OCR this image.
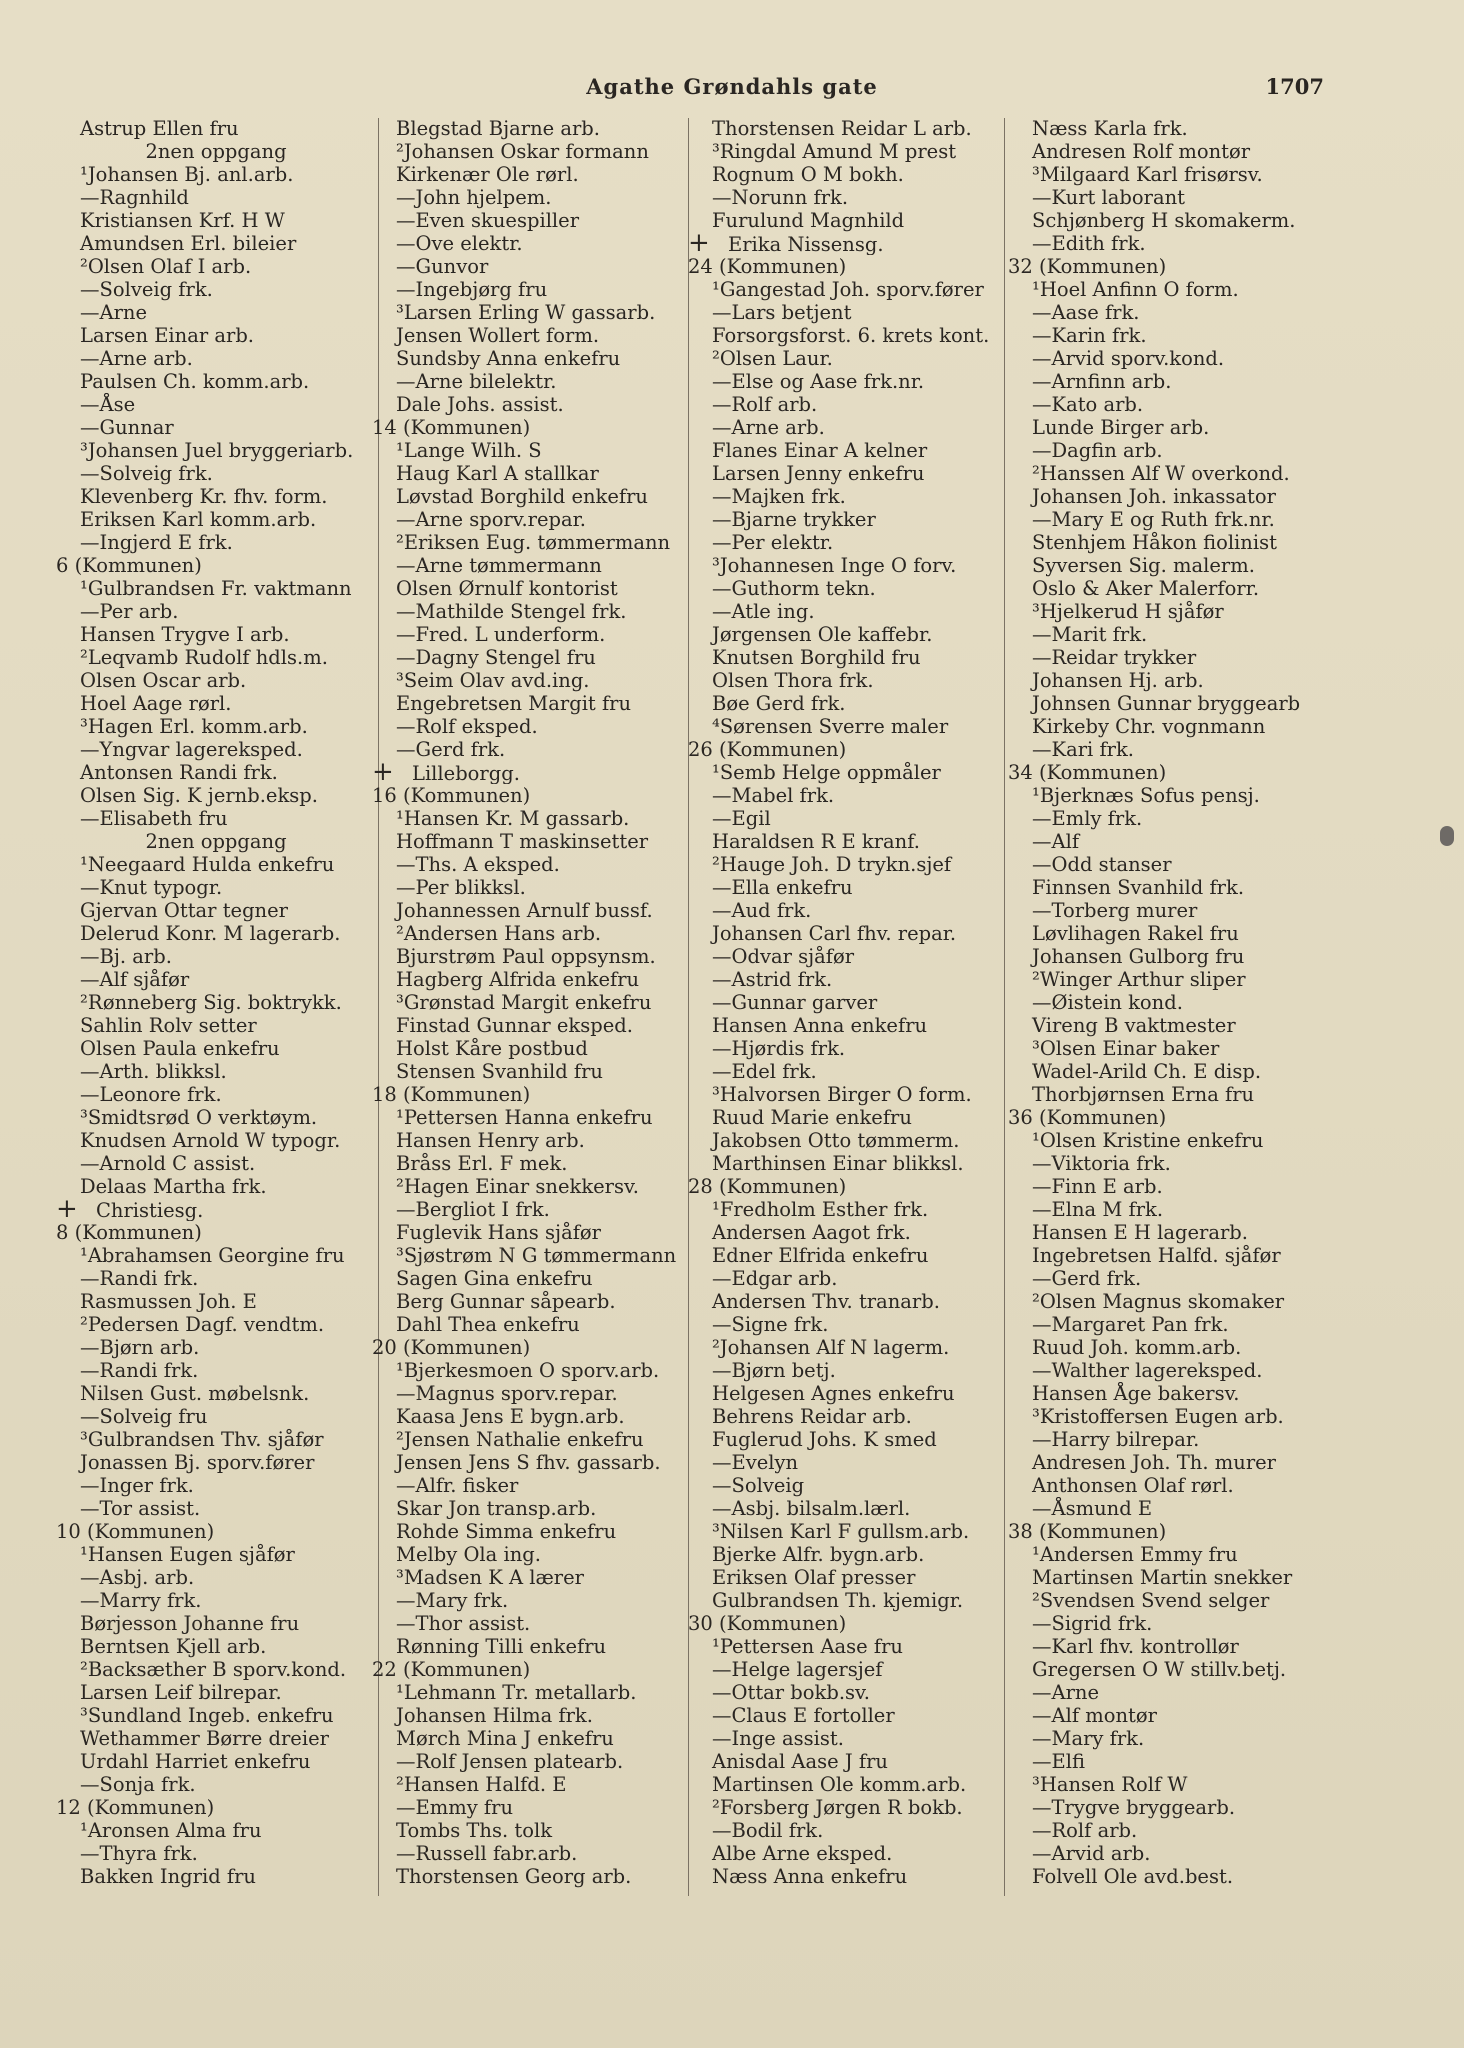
Agathe Grøndahls gate	1707
Astrup Ellen fru
2nen oppgang
¹Johansen Bj. anl.arb.
—Ragnhild
Kristiansen Krf. H W
Amundsen Erl. bileier
²Olsen Olaf I arb.
—Solveig frk.
—Arne
Larsen Einar arb.
—Arne arb.
Paulsen Ch. komm.arb.
—Åse
—Gunnar
³Johansen Juel bryggeriarb.
—Solveig frk.
Klevenberg Kr. fhv. form.
Eriksen Karl komm.arb.
—Ingjerd E frk.
6 (Kommunen)
¹Gulbrandsen Fr. vaktmann
—Per arb.
Hansen Trygve I arb.
²Leqvamb Rudolf hdls.m.
Olsen Oscar arb.
Hoel Aage rørl.
³Hagen Erl. komm.arb.
—Yngvar lagereksped.
Antonsen Randi frk.
Olsen Sig. K jernb.eksp.
—Elisabeth fru
2nen oppgang
¹Neegaard Hulda enkefru
—Knut typogr.
Gjervan Ottar tegner
Delerud Konr. M lagerarb.
—Bj. arb.
—Alf sjåfør
²Rønneberg Sig. boktrykk.
Sahlin Rolv setter
Olsen Paula enkefru
—Arth. blikksl.
—Leonore frk.
³Smidtsrød O verktøym.
Knudsen Arnold W typogr.
—Arnold C assist.
Delaas Martha frk.
+ Christiesg.
8 (Kommunen)
¹Abrahamsen Georgine fru
—Randi frk.
Rasmussen Joh. E
²Pedersen Dagf. vendtm.
—Bjørn arb.
—Randi frk.
Nilsen Gust. møbelsnk.
—Solveig fru
³Gulbrandsen Thv. sjåfør
Jonassen Bj. sporv.fører
—Inger frk.
—Tor assist.
10 (Kommunen)
¹Hansen Eugen sjåfør
—Asbj. arb.
—Marry frk.
Børjesson Johanne fru
Berntsen Kjell arb.
²Backsæther B sporv.kond.
Larsen Leif bilrepar.
³Sundland Ingeb. enkefru
Wethammer Børre dreier
Urdahl Harriet enkefru
—Sonja frk.
12 (Kommunen)
¹Aronsen Alma fru
—Thyra frk.
Bakken Ingrid fru
Blegstad Bjarne arb.
²Johansen Oskar formann
Kirkenær Ole rørl.
—John hjelpem.
—Even skuespiller
—Ove elektr.
—Gunvor
—Ingebjørg fru
³Larsen Erling W gassarb.
Jensen Wollert form.
Sundsby Anna enkefru
—Arne bilelektr.
Dale Johs. assist.
14 (Kommunen)
¹Lange Wilh. S
Haug Karl A stallkar
Løvstad Borghild enkefru
—Arne sporv.repar.
²Eriksen Eug. tømmermann
—Arne tømmermann
Olsen Ørnulf kontorist
—Mathilde Stengel frk.
—Fred. L underform.
—Dagny Stengel fru
³Seim Olav avd.ing.
Engebretsen Margit fru
—Rolf eksped.
—Gerd frk.
+ Lilleborgg.
16 (Kommunen)
¹Hansen Kr. M gassarb.
Hoffmann T maskinsetter
—Ths. A eksped.
—Per blikksl.
Johannessen Arnulf bussf.
²Andersen Hans arb.
Bjurstrøm Paul oppsynsm.
Hagberg Alfrida enkefru
³Grønstad Margit enkefru
Finstad Gunnar eksped.
Holst Kåre postbud
Stensen Svanhild fru
18 (Kommunen)
¹Pettersen Hanna enkefru
Hansen Henry arb.
Bråss Erl. F mek.
²Hagen Einar snekkersv.
—Bergliot I frk.
Fuglevik Hans sjåfør
³Sjøstrøm N G tømmermann
Sagen Gina enkefru
Berg Gunnar såpearb.
Dahl Thea enkefru
20 (Kommunen)
¹Bjerkesmoen O sporv.arb.
—Magnus sporv.repar.
Kaasa Jens E bygn.arb.
²Jensen Nathalie enkefru
Jensen Jens S fhv. gassarb.
—Alfr. fisker
Skar Jon transp.arb.
Rohde Simma enkefru
Melby Ola ing.
³Madsen K A lærer
—Mary frk.
—Thor assist.
Rønning Tilli enkefru
22 (Kommunen)
¹Lehmann Tr. metallarb.
Johansen Hilma frk.
Mørch Mina J enkefru
—Rolf Jensen platearb.
²Hansen Halfd. E
—Emmy fru
Tombs Ths. tolk
—Russell fabr.arb.
Thorstensen Georg arb.
Thorstensen Reidar L arb.
³Ringdal Amund M prest
Rognum O M bokh.
—Norunn frk.
Furulund Magnhild
+ Erika Nissensg.
24 (Kommunen)
¹Gangestad Joh. sporv.fører
—Lars betjent
Forsorgsforst. 6. krets kont.
²Olsen Laur.
—Else og Aase frk.nr.
—Rolf arb.
—Arne arb.
Flanes Einar A kelner
Larsen Jenny enkefru
—Majken frk.
—Bjarne trykker
—Per elektr.
³Johannesen Inge O forv.
—Guthorm tekn.
—Atle ing.
Jørgensen Ole kaffebr.
Knutsen Borghild fru
Olsen Thora frk.
Bøe Gerd frk.
⁴Sørensen Sverre maler
26 (Kommunen)
¹Semb Helge oppmåler
—Mabel frk.
—Egil
Haraldsen R E kranf.
²Hauge Joh. D trykn.sjef
—Ella enkefru
—Aud frk.
Johansen Carl fhv. repar.
—Odvar sjåfør
—Astrid frk.
—Gunnar garver
Hansen Anna enkefru
—Hjørdis frk.
—Edel frk.
³Halvorsen Birger O form.
Ruud Marie enkefru
Jakobsen Otto tømmerm.
Marthinsen Einar blikksl.
28 (Kommunen)
¹Fredholm Esther frk.
Andersen Aagot frk.
Edner Elfrida enkefru
—Edgar arb.
Andersen Thv. tranarb.
—Signe frk.
²Johansen Alf N lagerm.
—Bjørn betj.
Helgesen Agnes enkefru
Behrens Reidar arb.
Fuglerud Johs. K smed
—Evelyn
—Solveig
—Asbj. bilsalm.lærl.
³Nilsen Karl F gullsm.arb.
Bjerke Alfr. bygn.arb.
Eriksen Olaf presser
Gulbrandsen Th. kjemigr.
30 (Kommunen)
¹Pettersen Aase fru
—Helge lagersjef
—Ottar bokb.sv.
—Claus E fortoller
—Inge assist.
Anisdal Aase J fru
Martinsen Ole komm.arb.
²Forsberg Jørgen R bokb.
—Bodil frk.
Albe Arne eksped.
Næss Anna enkefru
Næss Karla frk.
Andresen Rolf montør
³Milgaard Karl frisørsv.
—Kurt laborant
Schjønberg H skomakerm.
—Edith frk.
32 (Kommunen)
¹Hoel Anfinn O form.
—Aase frk.
—Karin frk.
—Arvid sporv.kond.
—Arnfinn arb.
—Kato arb.
Lunde Birger arb.
—Dagfin arb.
²Hanssen Alf W overkond.
Johansen Joh. inkassator
—Mary E og Ruth frk.nr.
Stenhjem Håkon fiolinist
Syversen Sig. malerm.
Oslo & Aker Malerforr.
³Hjelkerud H sjåfør
—Marit frk.
—Reidar trykker
Johansen Hj. arb.
Johnsen Gunnar bryggearb
Kirkeby Chr. vognmann
—Kari frk.
34 (Kommunen)
¹Bjerknæs Sofus pensj.
—Emly frk.
—Alf
—Odd stanser
Finnsen Svanhild frk.
—Torberg murer
Løvlihagen Rakel fru
Johansen Gulborg fru
²Winger Arthur sliper
—Øistein kond.
Vireng B vaktmester
³Olsen Einar baker
Wadel-Arild Ch. E disp.
Thorbjørnsen Erna fru
36 (Kommunen)
¹Olsen Kristine enkefru
—Viktoria frk.
—Finn E arb.
—Elna M frk.
Hansen E H lagerarb.
Ingebretsen Halfd. sjåfør
—Gerd frk.
²Olsen Magnus skomaker
—Margaret Pan frk.
Ruud Joh. komm.arb.
—Walther lagereksped.
Hansen Åge bakersv.
³Kristoffersen Eugen arb.
—Harry bilrepar.
Andresen Joh. Th. murer
Anthonsen Olaf rørl.
—Åsmund E
38 (Kommunen)
¹Andersen Emmy fru
Martinsen Martin snekker
²Svendsen Svend selger
—Sigrid frk.
—Karl fhv. kontrollør
Gregersen O W stillv.betj.
—Arne
—Alf montør
—Mary frk.
—Elfi
³Hansen Rolf W
—Trygve bryggearb.
—Rolf arb.
—Arvid arb.
Folvell Ole avd.best.
